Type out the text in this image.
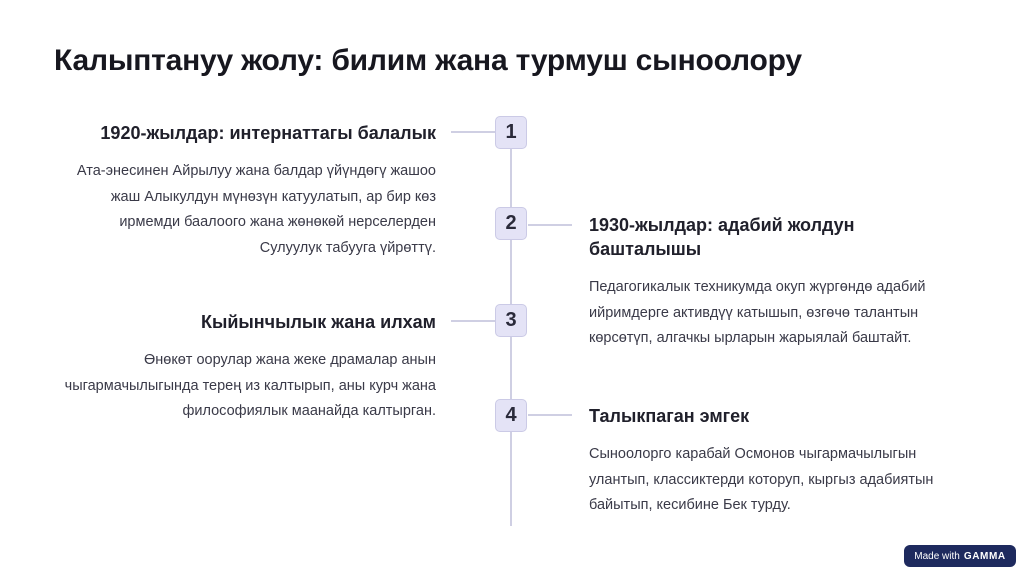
Калыптануу жолу: билим жана турмуш сыноолору
1
2
3
4
1920-жылдар: интернаттагы балалык

Ата-энесинен Айрылуу жана балдар үйүндөгү жашоо жаш Алыкулдун мүнөзүн катуулатып, ар бир көз ирмемди баалоого жана жөнөкөй нерселерден Сулуулук табууга үйрөттү.

1930-жылдар: адабий жолдун башталышы

Педагогикалык техникумда окуп жүргөндө адабий ийримдерге активдүү катышып, өзгөчө талантын көрсөтүп, алгачкы ырларын жарыялай баштайт.

Кыйынчылык жана илхам

Өнөкөт оорулар жана жеке драмалар анын чыгармачылыгында терең из калтырып, аны курч жана философиялык маанайда калтырган.	Талыкпаган эмгек

Сыноолорго карабай Осмонов чыгармачылыгын улантып, классиктерди которуп, кыргыз адабиятын байытып, кесибине Бек турду.

Made with GAMMA
